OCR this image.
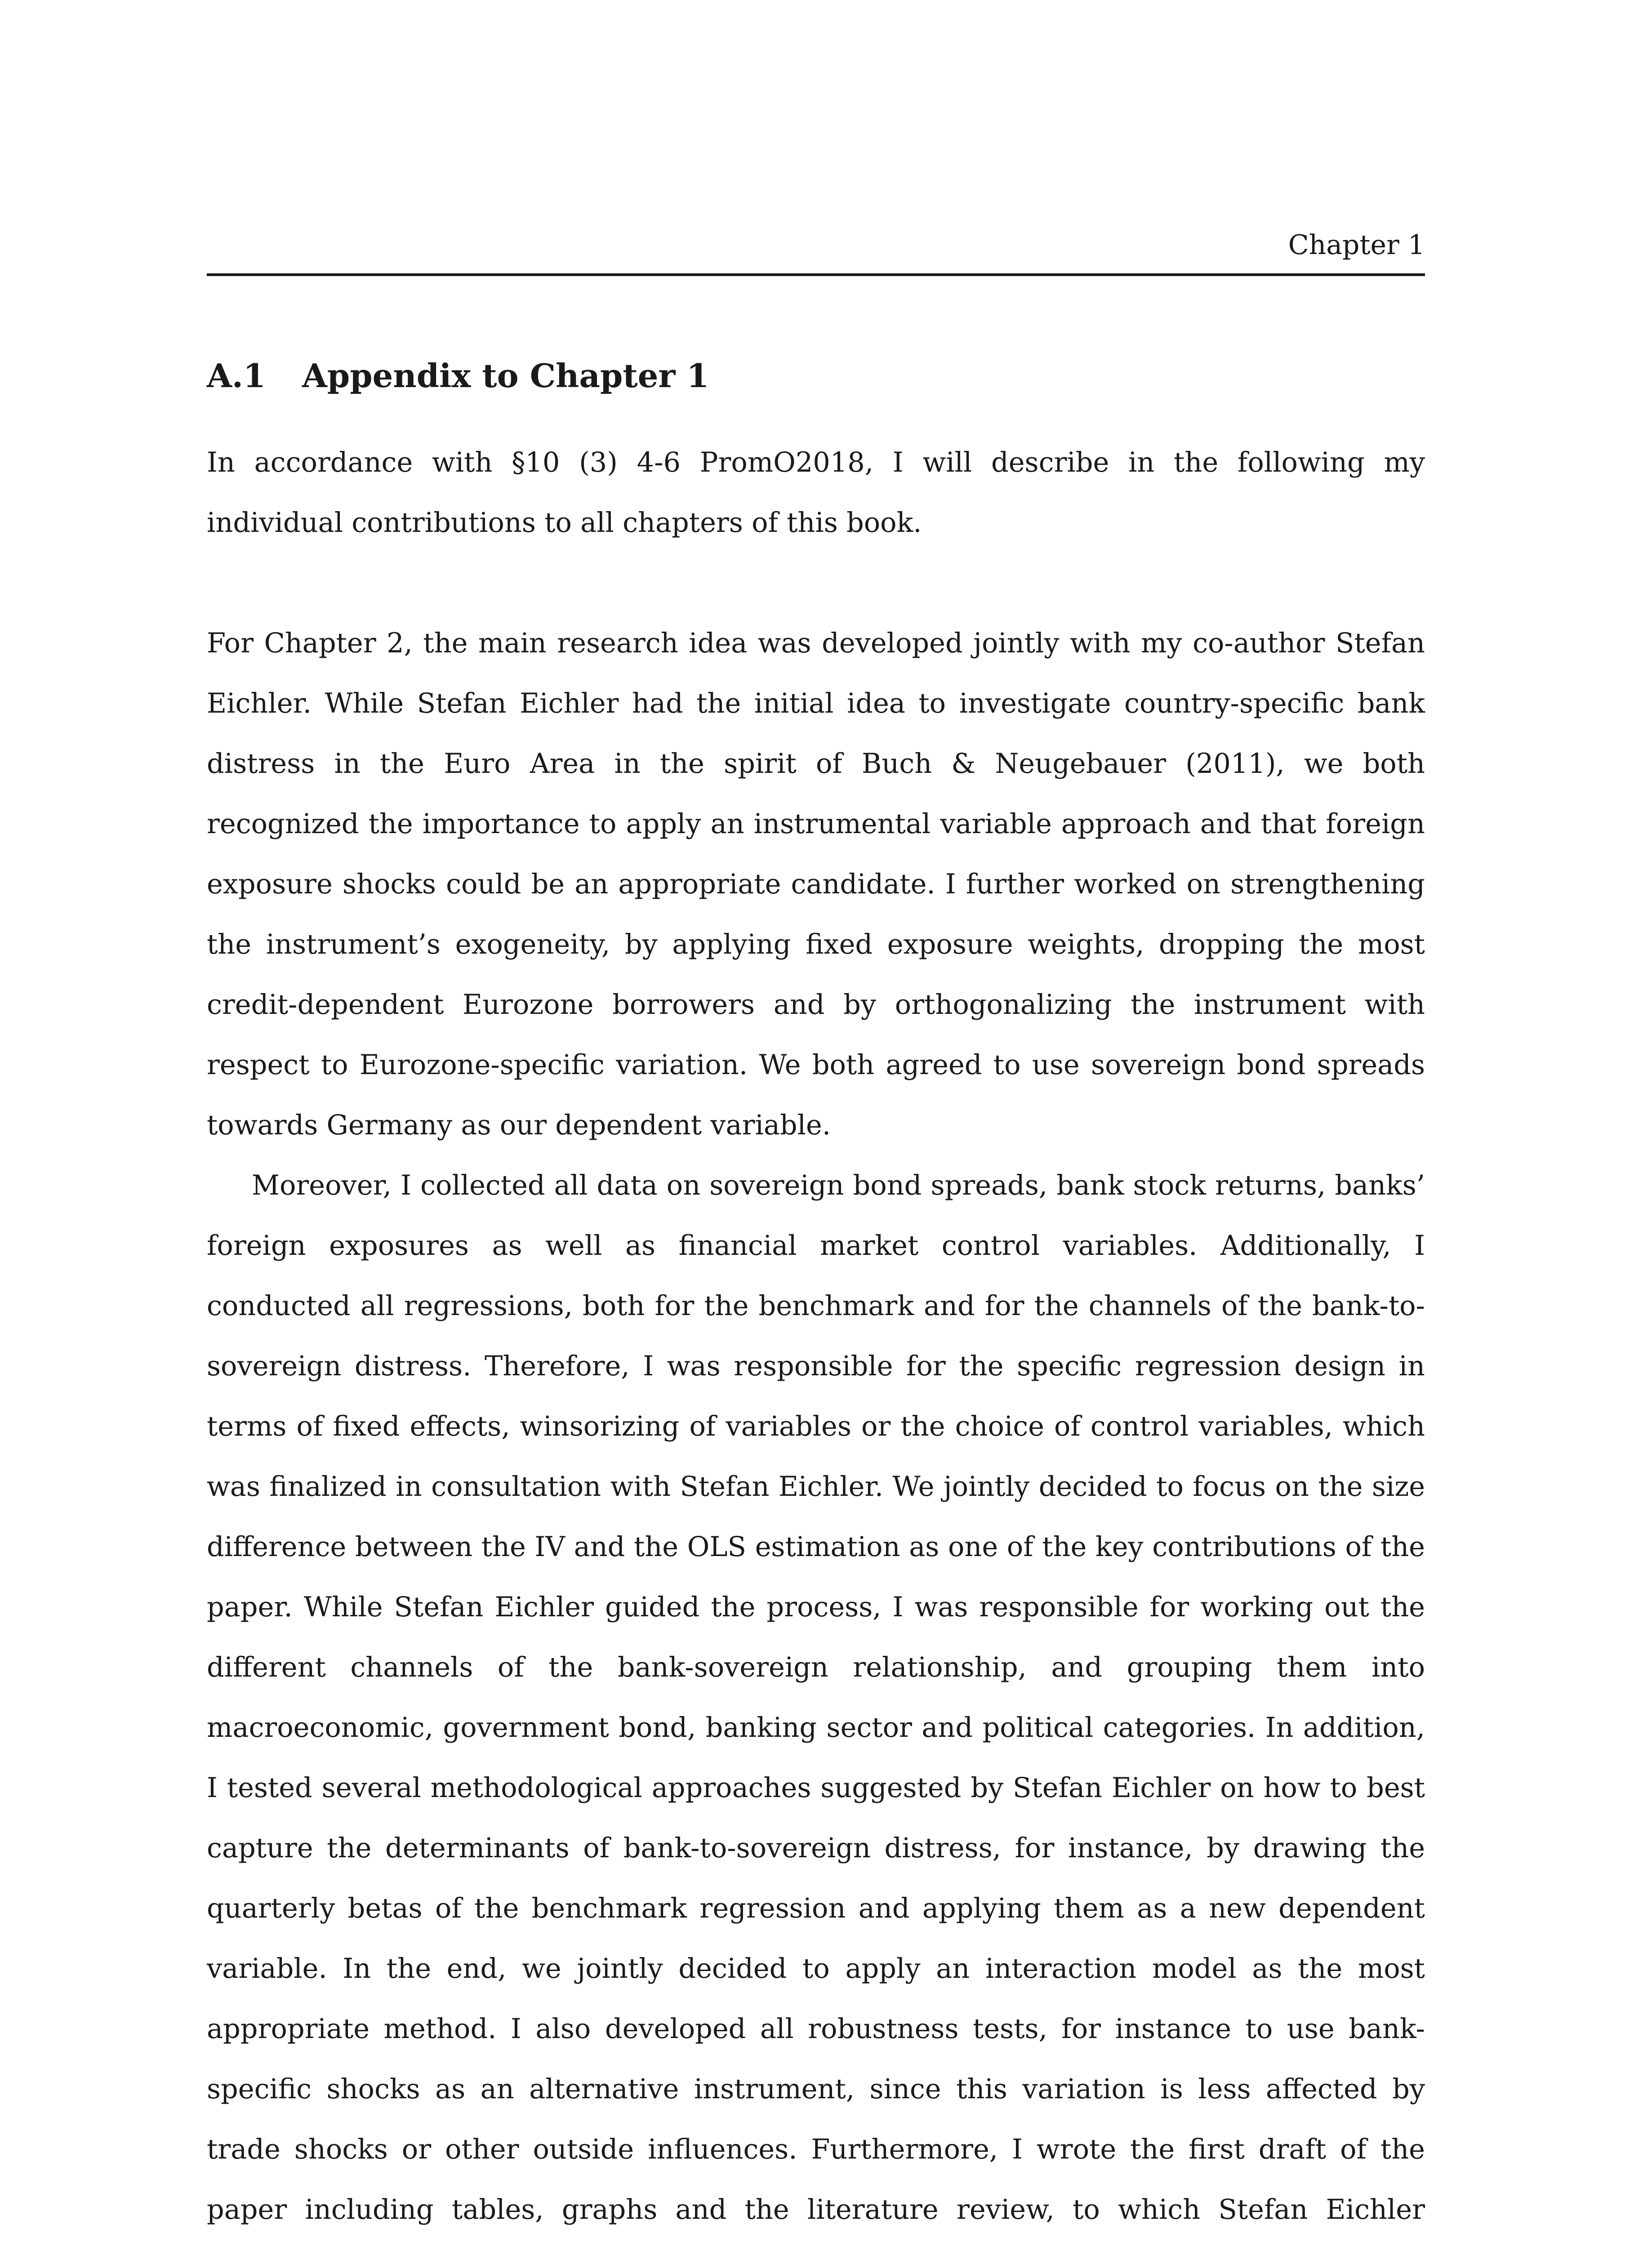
Chapter 1
A.1 Appendix to Chapter 1

In accordance with §10 (3) 4-6 PromO2018, I will describe in the following my individual contributions to all chapters of this book.

For Chapter 2, the main research idea was developed jointly with my co-author Stefan Eichler. While Stefan Eichler had the initial idea to investigate country-specific bank distress in the Euro Area in the spirit of Buch & Neugebauer (2011), we both recognized the importance to apply an instrumental variable approach and that foreign exposure shocks could be an appropriate candidate. I further worked on strengthening the instrument’s exogeneity, by applying fixed exposure weights, dropping the most credit-dependent Eurozone borrowers and by orthogonalizing the instrument with respect to Eurozone-specific variation. We both agreed to use sovereign bond spreads towards Germany as our dependent variable.

Moreover, I collected all data on sovereign bond spreads, bank stock returns, banks’ foreign exposures as well as financial market control variables. Additionally, I conducted all regressions, both for the benchmark and for the channels of the bank-to-sovereign distress. Therefore, I was responsible for the specific regression design in terms of fixed effects, winsorizing of variables or the choice of control variables, which was finalized in consultation with Stefan Eichler. We jointly decided to focus on the size difference between the IV and the OLS estimation as one of the key contributions of the paper. While Stefan Eichler guided the process, I was responsible for working out the different channels of the bank-sovereign relationship, and grouping them into macroeconomic, government bond, banking sector and political categories. In addition, I tested several methodological approaches suggested by Stefan Eichler on how to best capture the determinants of bank-to-sovereign distress, for instance, by drawing the quarterly betas of the benchmark regression and applying them as a new dependent variable. In the end, we jointly decided to apply an interaction model as the most appropriate method. I also developed all robustness tests, for instance to use bank-specific shocks as an alternative instrument, since this variation is less affected by trade shocks or other outside influences. Furthermore, I wrote the first draft of the paper including tables, graphs and the literature review, to which Stefan Eichler
